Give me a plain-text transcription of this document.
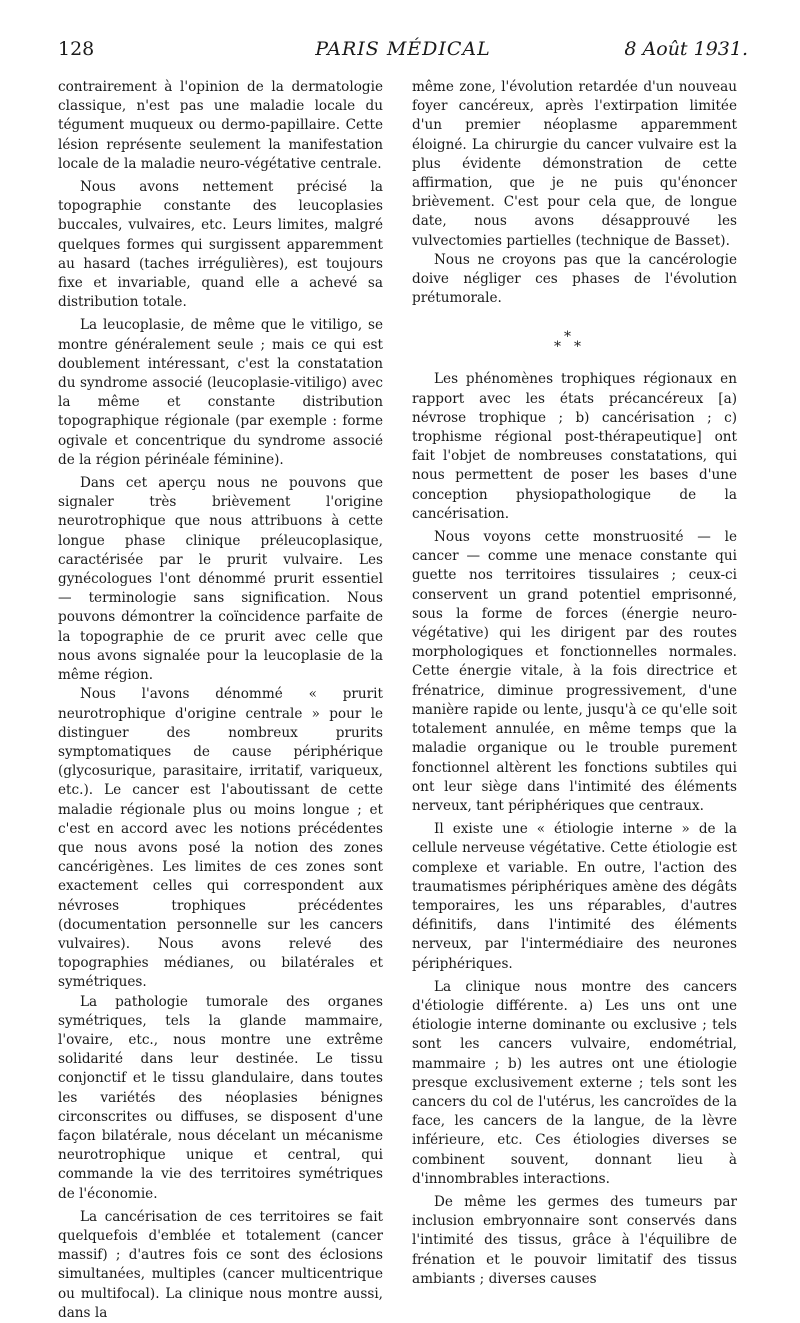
128	PARIS MÉDICAL	8 Août 1931.

contrairement à l'opinion de la dermatologie classique, n'est pas une maladie locale du tégument muqueux ou dermo-papillaire. Cette lésion représente seulement la manifestation locale de la maladie neuro-végétative centrale.

Nous avons nettement précisé la topographie constante des leucoplasies buccales, vulvaires, etc. Leurs limites, malgré quelques formes qui surgissent apparemment au hasard (taches irrégulières), est toujours fixe et invariable, quand elle a achevé sa distribution totale.

La leucoplasie, de même que le vitiligo, se montre généralement seule ; mais ce qui est doublement intéressant, c'est la constatation du syndrome associé (leucoplasie-vitiligo) avec la même et constante distribution topographique régionale (par exemple : forme ogivale et concentrique du syndrome associé de la région périnéale féminine).

Dans cet aperçu nous ne pouvons que signaler très brièvement l'origine neurotrophique que nous attribuons à cette longue phase clinique préleucoplasique, caractérisée par le prurit vulvaire. Les gynécologues l'ont dénommé prurit essentiel — terminologie sans signification. Nous pouvons démontrer la coïncidence parfaite de la topographie de ce prurit avec celle que nous avons signalée pour la leucoplasie de la même région.

Nous l'avons dénommé « prurit neurotrophique d'origine centrale » pour le distinguer des nombreux prurits symptomatiques de cause périphérique (glycosurique, parasitaire, irritatif, variqueux, etc.). Le cancer est l'aboutissant de cette maladie régionale plus ou moins longue ; et c'est en accord avec les notions précédentes que nous avons posé la notion des zones cancérigènes. Les limites de ces zones sont exactement celles qui correspondent aux névroses trophiques précédentes (documentation personnelle sur les cancers vulvaires). Nous avons relevé des topographies médianes, ou bilatérales et symétriques.

La pathologie tumorale des organes symétriques, tels la glande mammaire, l'ovaire, etc., nous montre une extrême solidarité dans leur destinée. Le tissu conjonctif et le tissu glandulaire, dans toutes les variétés des néoplasies bénignes circonscrites ou diffuses, se disposent d'une façon bilatérale, nous décelant un mécanisme neurotrophique unique et central, qui commande la vie des territoires symétriques de l'économie.

La cancérisation de ces territoires se fait quelquefois d'emblée et totalement (cancer massif) ; d'autres fois ce sont des éclosions simultanées, multiples (cancer multicentrique ou multifocal). La clinique nous montre aussi, dans la

même zone, l'évolution retardée d'un nouveau foyer cancéreux, après l'extirpation limitée d'un premier néoplasme apparemment éloigné. La chirurgie du cancer vulvaire est la plus évidente démonstration de cette affirmation, que je ne puis qu'énoncer brièvement. C'est pour cela que, de longue date, nous avons désapprouvé les vulvectomies partielles (technique de Basset).

Nous ne croyons pas que la cancérologie doive négliger ces phases de l'évolution prétumorale.

*
* *

Les phénomènes trophiques régionaux en rapport avec les états précancéreux [a) névrose trophique ; b) cancérisation ; c) trophisme régional post-thérapeutique] ont fait l'objet de nombreuses constatations, qui nous permettent de poser les bases d'une conception physiopathologique de la cancérisation.

Nous voyons cette monstruosité — le cancer — comme une menace constante qui guette nos territoires tissulaires ; ceux-ci conservent un grand potentiel emprisonné, sous la forme de forces (énergie neuro-végétative) qui les dirigent par des routes morphologiques et fonctionnelles normales. Cette énergie vitale, à la fois directrice et frénatrice, diminue progressivement, d'une manière rapide ou lente, jusqu'à ce qu'elle soit totalement annulée, en même temps que la maladie organique ou le trouble purement fonctionnel altèrent les fonctions subtiles qui ont leur siège dans l'intimité des éléments nerveux, tant périphériques que centraux.

Il existe une « étiologie interne » de la cellule nerveuse végétative. Cette étiologie est complexe et variable. En outre, l'action des traumatismes périphériques amène des dégâts temporaires, les uns réparables, d'autres définitifs, dans l'intimité des éléments nerveux, par l'intermédiaire des neurones périphériques.

La clinique nous montre des cancers d'étiologie différente. a) Les uns ont une étiologie interne dominante ou exclusive ; tels sont les cancers vulvaire, endométrial, mammaire ; b) les autres ont une étiologie presque exclusivement externe ; tels sont les cancers du col de l'utérus, les cancroïdes de la face, les cancers de la langue, de la lèvre inférieure, etc. Ces étiologies diverses se combinent souvent, donnant lieu à d'innombrables interactions.

De même les germes des tumeurs par inclusion embryonnaire sont conservés dans l'intimité des tissus, grâce à l'équilibre de frénation et le pouvoir limitatif des tissus ambiants ; diverses causes
